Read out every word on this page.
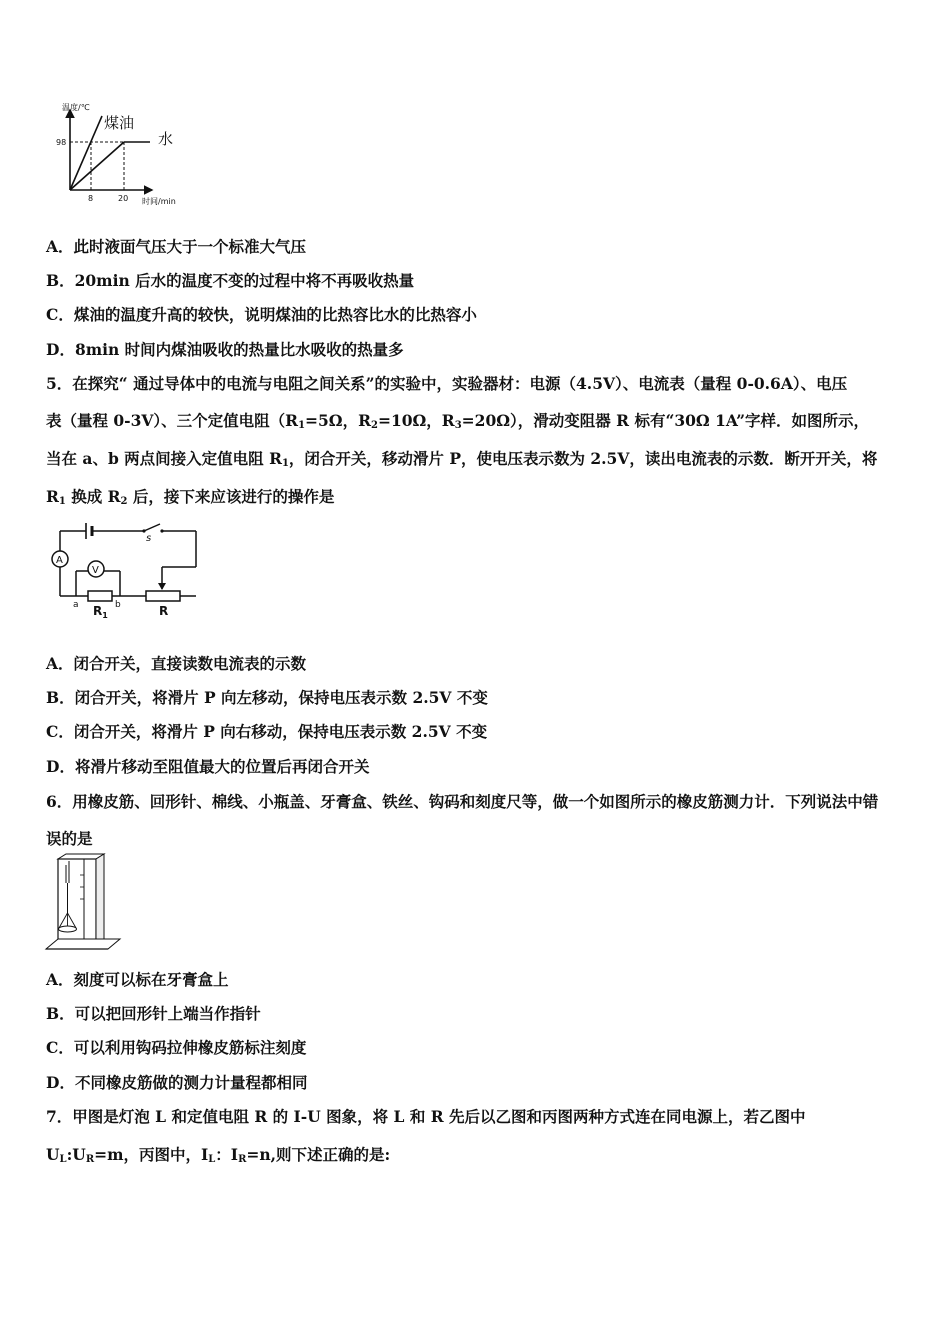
温度/℃
时间/min
98
8	20
煤油
水
A．此时液面气压大于一个标准大气压
B．20min 后水的温度不变的过程中将不再吸收热量
C．煤油的温度升高的较快，说明煤油的比热容比水的比热容小
D．8min 时间内煤油吸收的热量比水吸收的热量多
5．在探究“ 通过导体中的电流与电阻之间关系”的实验中，实验器材：电源（4.5V）、电流表（量程 0-0.6A）、电压
表（量程 0-3V）、三个定值电阻（$R_1=5\Omega$，$R_2=10\Omega$，$R_3=20\Omega$），滑动变阻器 R 标有“30Ω 1A”字样．如图所示，
当在 a、b 两点间接入定值电阻 $R_1$，闭合开关，移动滑片 P，使电压表示数为 2.5V，读出电流表的示数．断开开关，将
$R_1$ 换成 $R_2$ 后，接下来应该进行的操作是
s
A
V
a	b
$R_1$	R
A．闭合开关，直接读数电流表的示数
B．闭合开关，将滑片 P 向左移动，保持电压表示数 2.5V 不变
C．闭合开关，将滑片 P 向右移动，保持电压表示数 2.5V 不变
D．将滑片移动至阻值最大的位置后再闭合开关
6．用橡皮筋、回形针、棉线、小瓶盖、牙膏盒、铁丝、钩码和刻度尺等，做一个如图所示的橡皮筋测力计．下列说法中错
误的是
A．刻度可以标在牙膏盒上
B．可以把回形针上端当作指针
C．可以利用钩码拉伸橡皮筋标注刻度
D．不同橡皮筋做的测力计量程都相同
7．甲图是灯泡 L 和定值电阻 R 的 I-U 图象，将 L 和 R 先后以乙图和丙图两种方式连在同电源上，若乙图中
$U_L:U_R=m$，丙图中，$I_L$：$I_R=n$,则下述正确的是:
